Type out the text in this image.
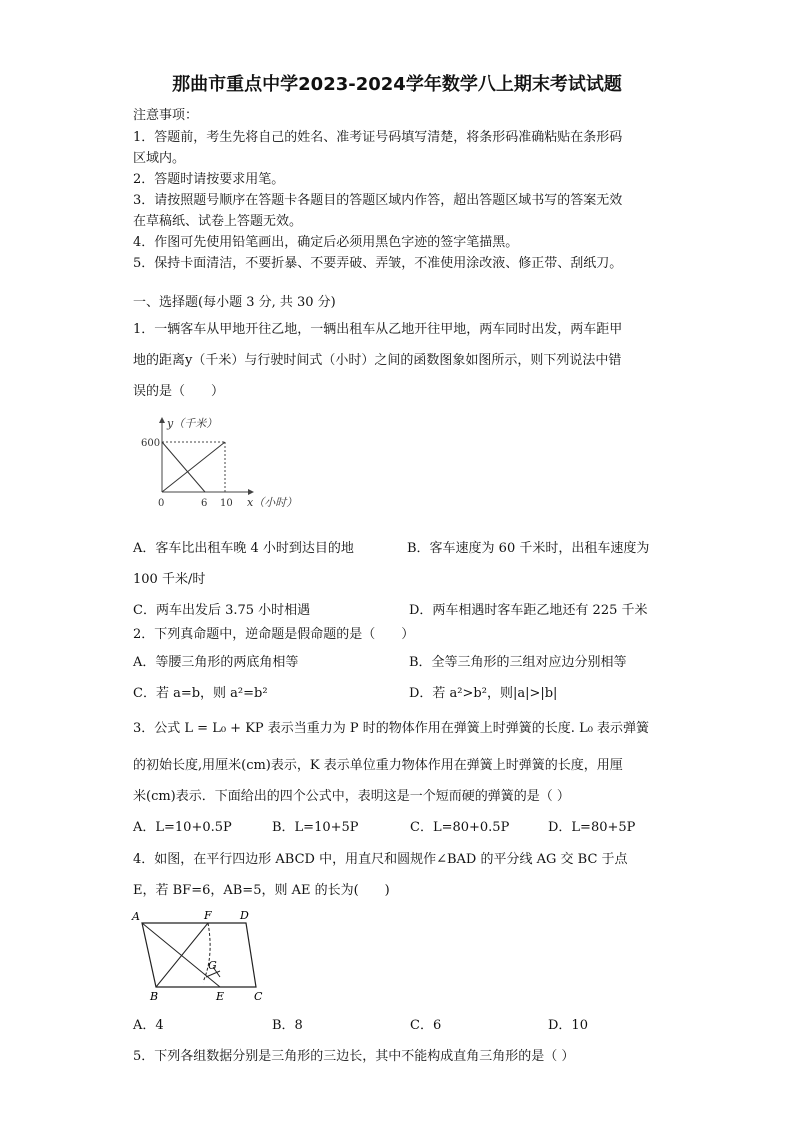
那曲市重点中学2023-2024学年数学八上期末考试试题
注意事项：
1．答题前，考生先将自己的姓名、准考证号码填写清楚，将条形码准确粘贴在条形码
区域内。
2．答题时请按要求用笔。
3．请按照题号顺序在答题卡各题目的答题区域内作答，超出答题区域书写的答案无效
在草稿纸、试卷上答题无效。
4．作图可先使用铅笔画出，确定后必须用黑色字迹的签字笔描黑。
5．保持卡面清洁，不要折暴、不要弄破、弄皱，不准使用涂改液、修正带、刮纸刀。
一、选择题(每小题 3 分, 共 30 分)
1．一辆客车从甲地开往乙地，一辆出租车从乙地开往甲地，两车同时出发，两车距甲
地的距离y（千米）与行驶时间式（小时）之间的函数图象如图所示，则下列说法中错
误的是（　　）
y（千米）
600
0	6 10 x（小时）
A．客车比出租车晚 4 小时到达目的地	B．客车速度为 60 千米时，出租车速度为
100 千米/时
C．两车出发后 3.75 小时相遇	D．两车相遇时客车距乙地还有 225 千米
2．下列真命题中，逆命题是假命题的是（　　）
A．等腰三角形的两底角相等	B．全等三角形的三组对应边分别相等
C．若 a=b，则 a²=b²	D．若 a²>b²，则|a|>|b|
3．公式 L = L₀ + KP 表示当重力为 P 时的物体作用在弹簧上时弹簧的长度. L₀ 表示弹簧
的初始长度,用厘米(cm)表示，K 表示单位重力物体作用在弹簧上时弹簧的长度，用厘
米(cm)表示．下面给出的四个公式中，表明这是一个短而硬的弹簧的是（ ）
A．L=10+0.5P	B．L=10+5P	C．L=80+0.5P	D．L=80+5P
4．如图，在平行四边形 ABCD 中，用直尺和圆规作∠BAD 的平分线 AG 交 BC 于点
E，若 BF=6，AB=5，则 AE 的长为(　　)
A	F	D
G
B	E	C
A．4	B．8	C．6	D．10
5．下列各组数据分别是三角形的三边长，其中不能构成直角三角形的是（ ）
